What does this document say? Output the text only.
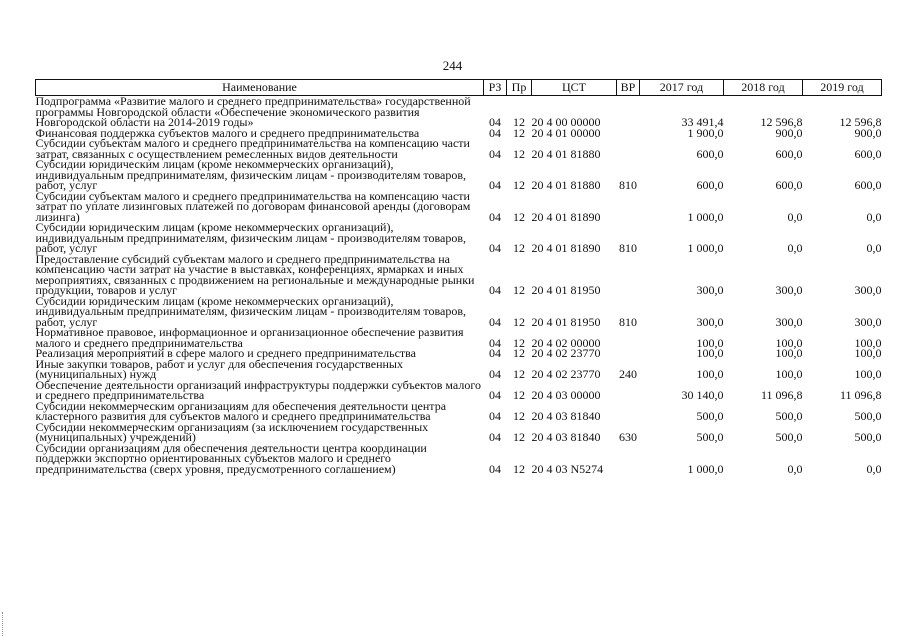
244
Наименование	РЗ	Пр	ЦСТ	ВР	2017 год	2018 год	2019 год
Подпрограмма «Развитие малого и среднего предпринимательства» государственной программы Новгородской области «Обеспечение экономического развития Новгородской области на 2014-2019 годы»	04	12	20 4 00 00000		33 491,4	12 596,8	12 596,8
Финансовая поддержка субъектов малого и среднего предпринимательства	04	12	20 4 01 00000		1 900,0	900,0	900,0
Субсидии субъектам малого и среднего предпринимательства на компенсацию части затрат, связанных с осуществлением ремесленных видов деятельности	04	12	20 4 01 81880		600,0	600,0	600,0
Субсидии юридическим лицам (кроме некоммерческих организаций), индивидуальным предпринимателям, физическим лицам - производителям товаров, работ, услуг	04	12	20 4 01 81880	810	600,0	600,0	600,0
Субсидии субъектам малого и среднего предпринимательства на компенсацию части затрат по уплате лизинговых платежей по договорам финансовой аренды (договорам лизинга)	04	12	20 4 01 81890		1 000,0	0,0	0,0
Субсидии юридическим лицам (кроме некоммерческих организаций), индивидуальным предпринимателям, физическим лицам - производителям товаров, работ, услуг	04	12	20 4 01 81890	810	1 000,0	0,0	0,0
Предоставление субсидий субъектам малого и среднего предпринимательства на компенсацию части затрат на участие в выставках, конференциях, ярмарках и иных мероприятиях, связанных с продвижением на региональные и международные рынки продукции, товаров и услуг	04	12	20 4 01 81950		300,0	300,0	300,0
Субсидии юридическим лицам (кроме некоммерческих организаций), индивидуальным предпринимателям, физическим лицам - производителям товаров, работ, услуг	04	12	20 4 01 81950	810	300,0	300,0	300,0
Нормативное правовое, информационное и организационное обеспечение развития малого и среднего предпринимательства	04	12	20 4 02 00000		100,0	100,0	100,0
Реализация мероприятий в сфере малого и среднего предпринимательства	04	12	20 4 02 23770		100,0	100,0	100,0
Иные закупки товаров, работ и услуг для обеспечения государственных (муниципальных) нужд	04	12	20 4 02 23770	240	100,0	100,0	100,0
Обеспечение деятельности организаций инфраструктуры поддержки субъектов малого и среднего предпринимательства	04	12	20 4 03 00000		30 140,0	11 096,8	11 096,8
Субсидии некоммерческим организациям для обеспечения деятельности центра кластерного развития для субъектов малого и среднего предпринимательства	04	12	20 4 03 81840		500,0	500,0	500,0
Субсидии некоммерческим организациям (за исключением государственных (муниципальных) учреждений)	04	12	20 4 03 81840	630	500,0	500,0	500,0
Субсидии организациям для обеспечения деятельности центра координации поддержки экспортно ориентированных субъектов малого и среднего предпринимательства (сверх уровня, предусмотренного соглашением)	04	12	20 4 03 N5274		1 000,0	0,0	0,0
